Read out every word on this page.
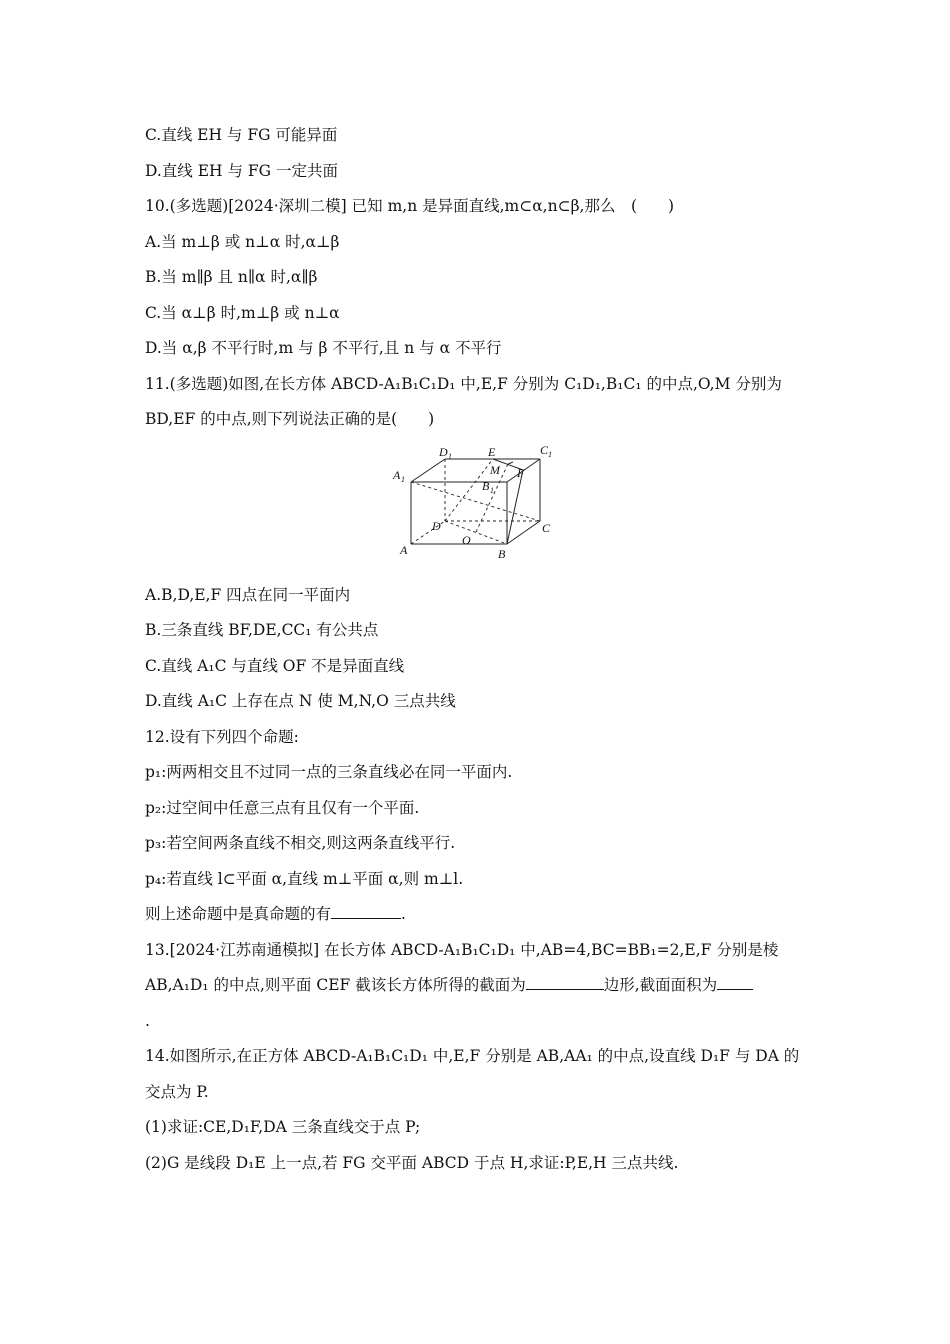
C.直线 EH 与 FG 可能异面
D.直线 EH 与 FG 一定共面
10.(多选题)[2024·深圳二模] 已知 m,n 是异面直线,m⊂α,n⊂β,那么　(　　)
A.当 m⊥β 或 n⊥α 时,α⊥β
B.当 m∥β 且 n∥α 时,α∥β
C.当 α⊥β 时,m⊥β 或 n⊥α
D.当 α,β 不平行时,m 与 β 不平行,且 n 与 α 不平行
11.(多选题)如图,在长方体 ABCD-A₁B₁C₁D₁ 中,E,F 分别为 C₁D₁,B₁C₁ 的中点,O,M 分别为
BD,EF 的中点,则下列说法正确的是(　　)
D 1	E	C 1
A 1
M F
B 1
D	C
A
O
B
A.B,D,E,F 四点在同一平面内
B.三条直线 BF,DE,CC₁ 有公共点
C.直线 A₁C 与直线 OF 不是异面直线
D.直线 A₁C 上存在点 N 使 M,N,O 三点共线
12.设有下列四个命题:
p₁:两两相交且不过同一点的三条直线必在同一平面内.
p₂:过空间中任意三点有且仅有一个平面.
p₃:若空间两条直线不相交,则这两条直线平行.
p₄:若直线 l⊂平面 α,直线 m⊥平面 α,则 m⊥l.
则上述命题中是真命题的有	.
13.[2024·江苏南通模拟] 在长方体 ABCD-A₁B₁C₁D₁ 中,AB=4,BC=BB₁=2,E,F 分别是棱
AB,A₁D₁ 的中点,则平面 CEF 截该长方体所得的截面为	边形,截面面积为
.
14.如图所示,在正方体 ABCD-A₁B₁C₁D₁ 中,E,F 分别是 AB,AA₁ 的中点,设直线 D₁F 与 DA 的
交点为 P.
(1)求证:CE,D₁F,DA 三条直线交于点 P;
(2)G 是线段 D₁E 上一点,若 FG 交平面 ABCD 于点 H,求证:P,E,H 三点共线.
